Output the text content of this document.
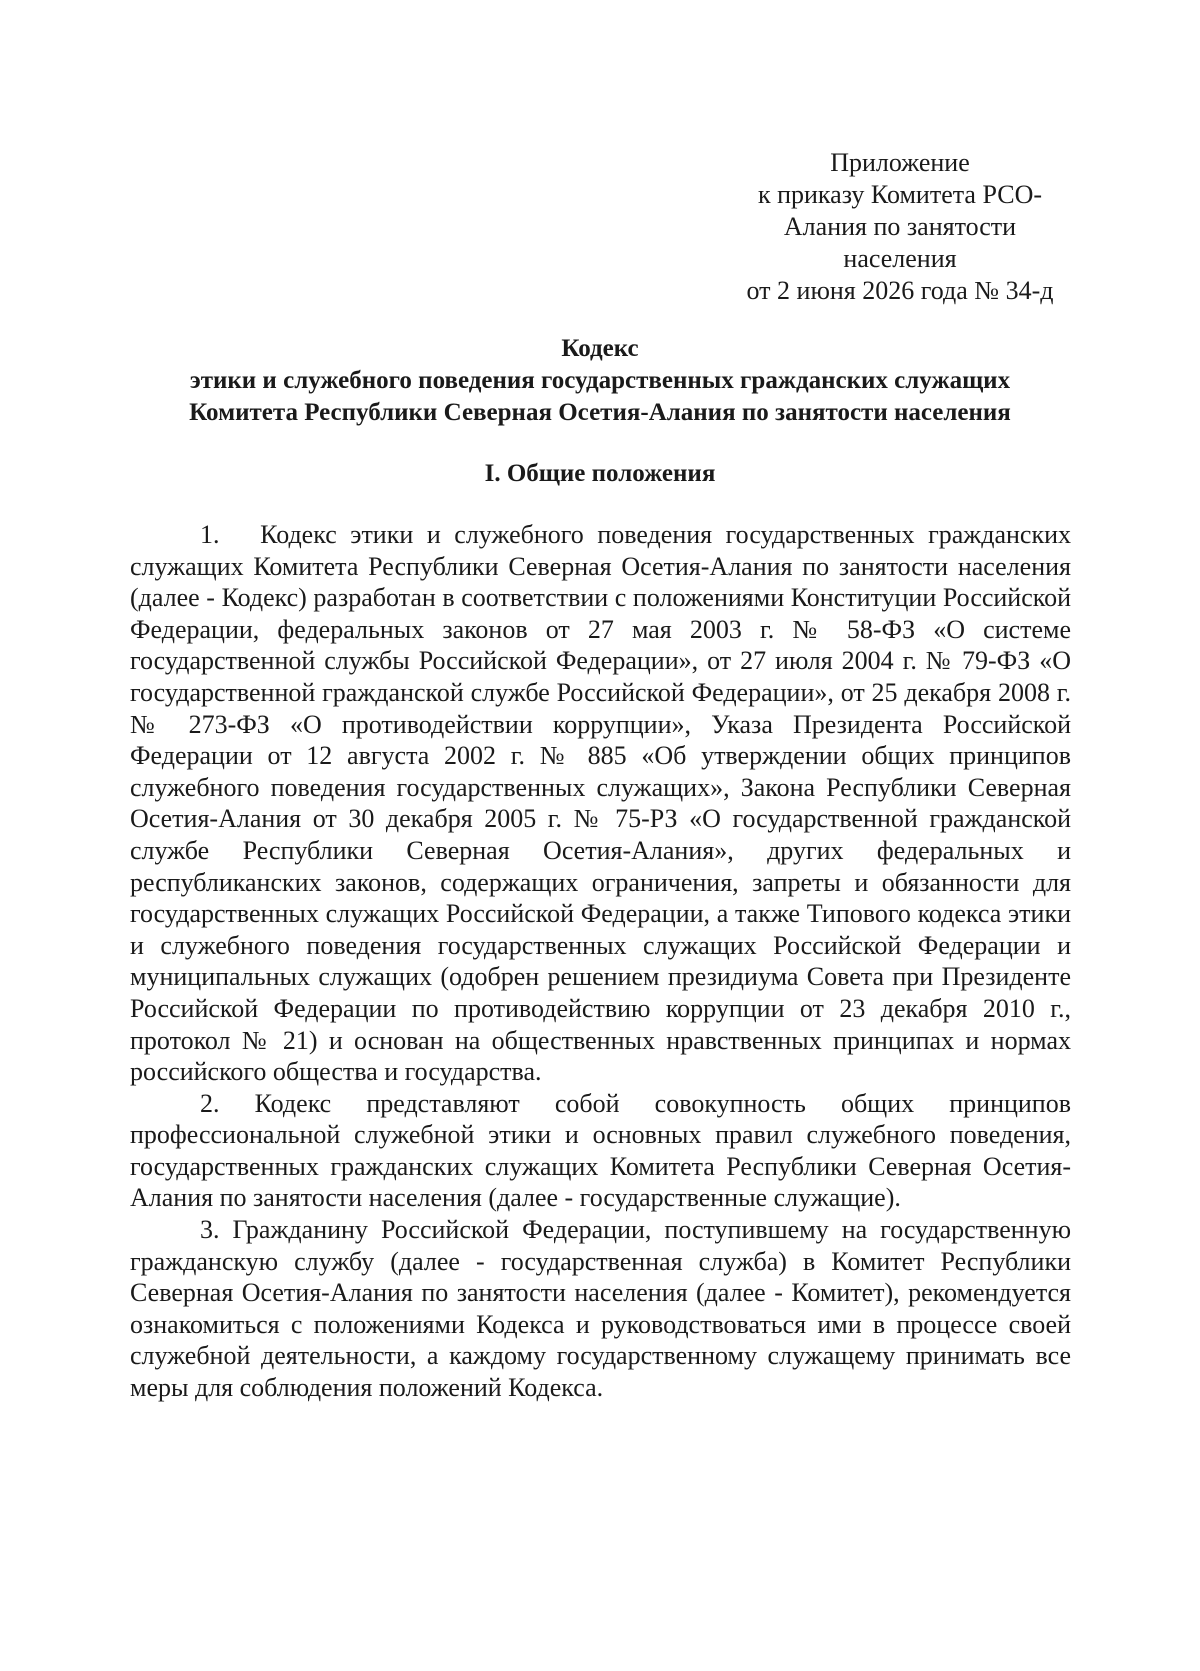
Приложение
к приказу Комитета РСО-
Алания по занятости
населения
от 2 июня 2026 года № 34-д
Кодекс
этики и служебного поведения государственных гражданских служащих
Комитета Республики Северная Осетия-Алания по занятости населения
I. Общие положения

1.   Кодекс этики и служебного поведения государственных гражданских служащих Комитета Республики Северная Осетия-Алания по занятости населения (далее - Кодекс) разработан в соответствии с положениями Конституции Российской Федерации, федеральных законов от 27 мая 2003 г. № 58-ФЗ «О системе государственной службы Российской Федерации», от 27 июля 2004 г. № 79-ФЗ «О государственной гражданской службе Российской Федерации», от 25 декабря 2008 г. № 273-ФЗ «О противодействии коррупции», Указа Президента Российской Федерации от 12 августа 2002 г. № 885 «Об утверждении общих принципов служебного поведения государственных служащих», Закона Республики Северная Осетия-Алания от 30 декабря 2005 г. № 75-РЗ «О государственной гражданской службе Республики Северная Осетия-Алания», других федеральных и республиканских законов, содержащих ограничения, запреты и обязанности для государственных служащих Российской Федерации, а также Типового кодекса этики и служебного поведения государственных служащих Российской Федерации и муниципальных служащих (одобрен решением президиума Совета при Президенте Российской Федерации по противодействию коррупции от 23 декабря 2010 г., протокол № 21) и основан на общественных нравственных принципах и нормах российского общества и государства.

2. Кодекс представляют собой совокупность общих принципов профессиональной служебной этики и основных правил служебного поведения, государственных гражданских служащих Комитета Республики Северная Осетия-Алания по занятости населения (далее - государственные служащие).

3. Гражданину Российской Федерации, поступившему на государственную гражданскую службу (далее - государственная служба) в Комитет Республики Северная Осетия-Алания по занятости населения (далее - Комитет), рекомендуется ознакомиться с положениями Кодекса и руководствоваться ими в процессе своей служебной деятельности, а каждому государственному служащему принимать все меры для соблюдения положений Кодекса.
